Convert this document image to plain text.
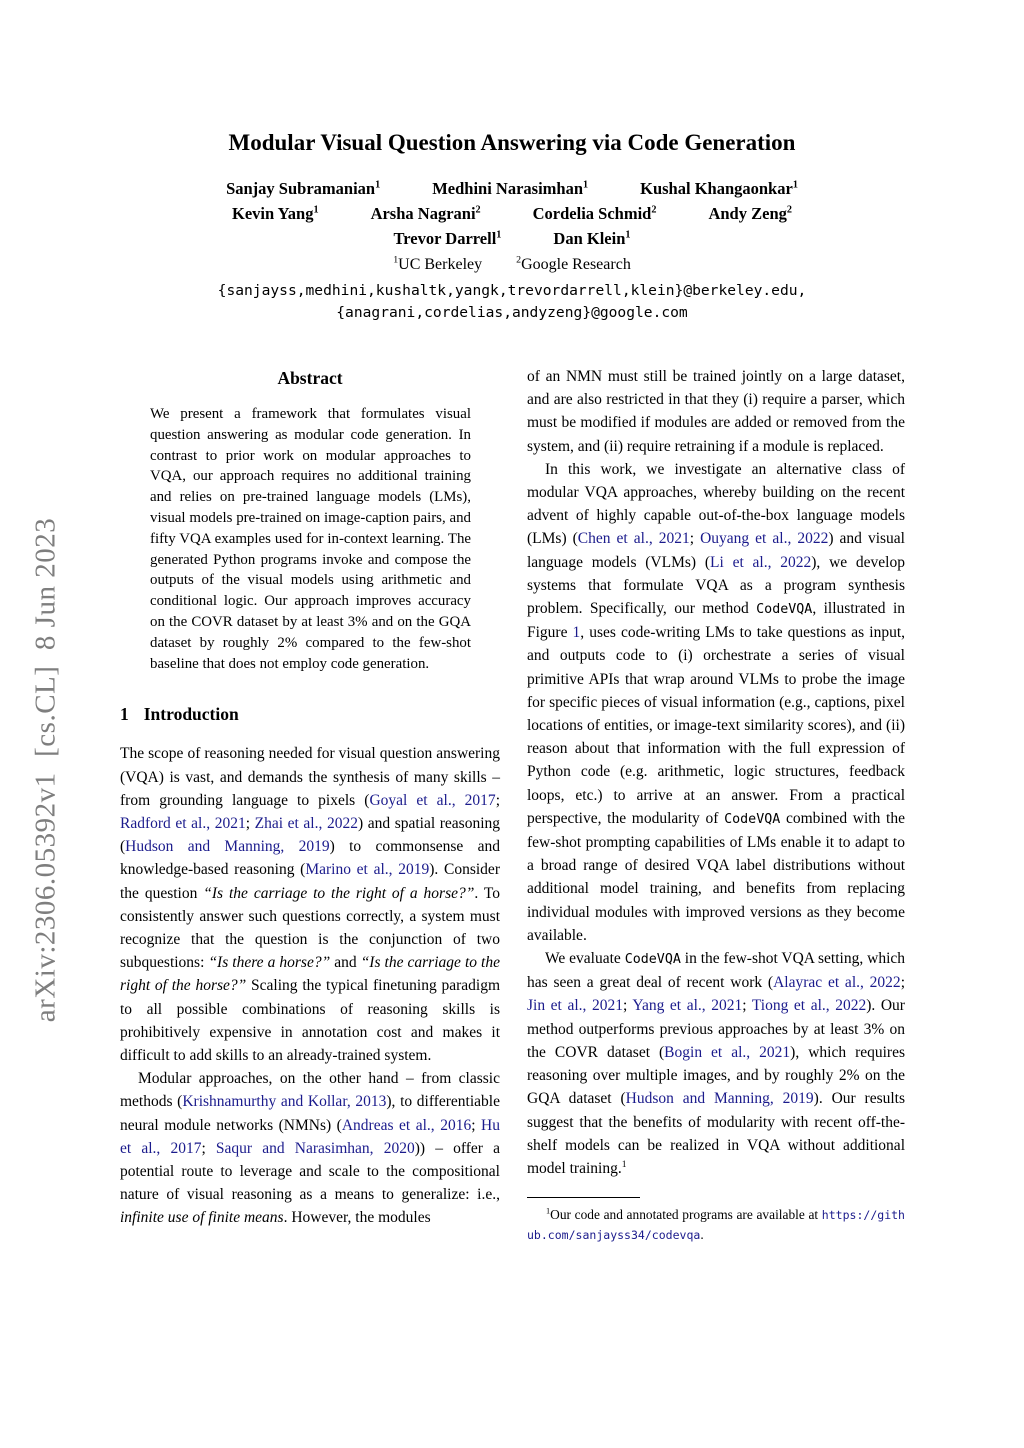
arXiv:2306.05392v1  [cs.CL]  8 Jun 2023
Modular Visual Question Answering via Code Generation
Sanjay Subramanian$^1$	Medhini Narasimhan$^1$	Kushal Khangaonkar$^1$
Kevin Yang$^1$	Arsha Nagrani$^2$	Cordelia Schmid$^2$	Andy Zeng$^2$
Trevor Darrell$^1$	Dan Klein$^1$
$^1$UC Berkeley	$^2$Google Research
{sanjayss,medhini,kushaltk,yangk,trevordarrell,klein}@berkeley.edu,
{anagrani,cordelias,andyzeng}@google.com
Abstract
We present a framework that formulates visual question answering as modular code generation. In contrast to prior work on modular approaches to VQA, our approach requires no additional training and relies on pre-trained language models (LMs), visual models pre-trained on image-caption pairs, and fifty VQA examples used for in-context learning. The generated Python programs invoke and compose the outputs of the visual models using arithmetic and conditional logic. Our approach improves accuracy on the COVR dataset by at least 3% and on the GQA dataset by roughly 2% compared to the few-shot baseline that does not employ code generation.
1 Introduction

The scope of reasoning needed for visual question answering (VQA) is vast, and demands the synthesis of many skills – from grounding language to pixels (Goyal et al., 2017; Radford et al., 2021; Zhai et al., 2022) and spatial reasoning (Hudson and Manning, 2019) to commonsense and knowledge-based reasoning (Marino et al., 2019). Consider the question “Is the carriage to the right of a horse?”. To consistently answer such questions correctly, a system must recognize that the question is the conjunction of two subquestions: “Is there a horse?” and “Is the carriage to the right of the horse?” Scaling the typical finetuning paradigm to all possible combinations of reasoning skills is prohibitively expensive in annotation cost and makes it difficult to add skills to an already-trained system.

Modular approaches, on the other hand – from classic methods (Krishnamurthy and Kollar, 2013), to differentiable neural module networks (NMNs) (Andreas et al., 2016; Hu et al., 2017; Saqur and Narasimhan, 2020)) – offer a potential route to leverage and scale to the compositional nature of visual reasoning as a means to generalize: i.e., infinite use of finite means. However, the modules

of an NMN must still be trained jointly on a large dataset, and are also restricted in that they (i) require a parser, which must be modified if modules are added or removed from the system, and (ii) require retraining if a module is replaced.

In this work, we investigate an alternative class of modular VQA approaches, whereby building on the recent advent of highly capable out-of-the-box language models (LMs) (Chen et al., 2021; Ouyang et al., 2022) and visual language models (VLMs) (Li et al., 2022), we develop systems that formulate VQA as a program synthesis problem. Specifically, our method CodeVQA, illustrated in Figure 1, uses code-writing LMs to take questions as input, and outputs code to (i) orchestrate a series of visual primitive APIs that wrap around VLMs to probe the image for specific pieces of visual information (e.g., captions, pixel locations of entities, or image-text similarity scores), and (ii) reason about that information with the full expression of Python code (e.g. arithmetic, logic structures, feedback loops, etc.) to arrive at an answer. From a practical perspective, the modularity of CodeVQA combined with the few-shot prompting capabilities of LMs enable it to adapt to a broad range of desired VQA label distributions without additional model training, and benefits from replacing individual modules with improved versions as they become available.

We evaluate CodeVQA in the few-shot VQA setting, which has seen a great deal of recent work (Alayrac et al., 2022; Jin et al., 2021; Yang et al., 2021; Tiong et al., 2022). Our method outperforms previous approaches by at least 3% on the COVR dataset (Bogin et al., 2021), which requires reasoning over multiple images, and by roughly 2% on the GQA dataset (Hudson and Manning, 2019). Our results suggest that the benefits of modularity with recent off-the-shelf models can be realized in VQA without additional model training.$^1$

$^1$Our code and annotated programs are available at https://github.com/sanjayss34/codevqa.
